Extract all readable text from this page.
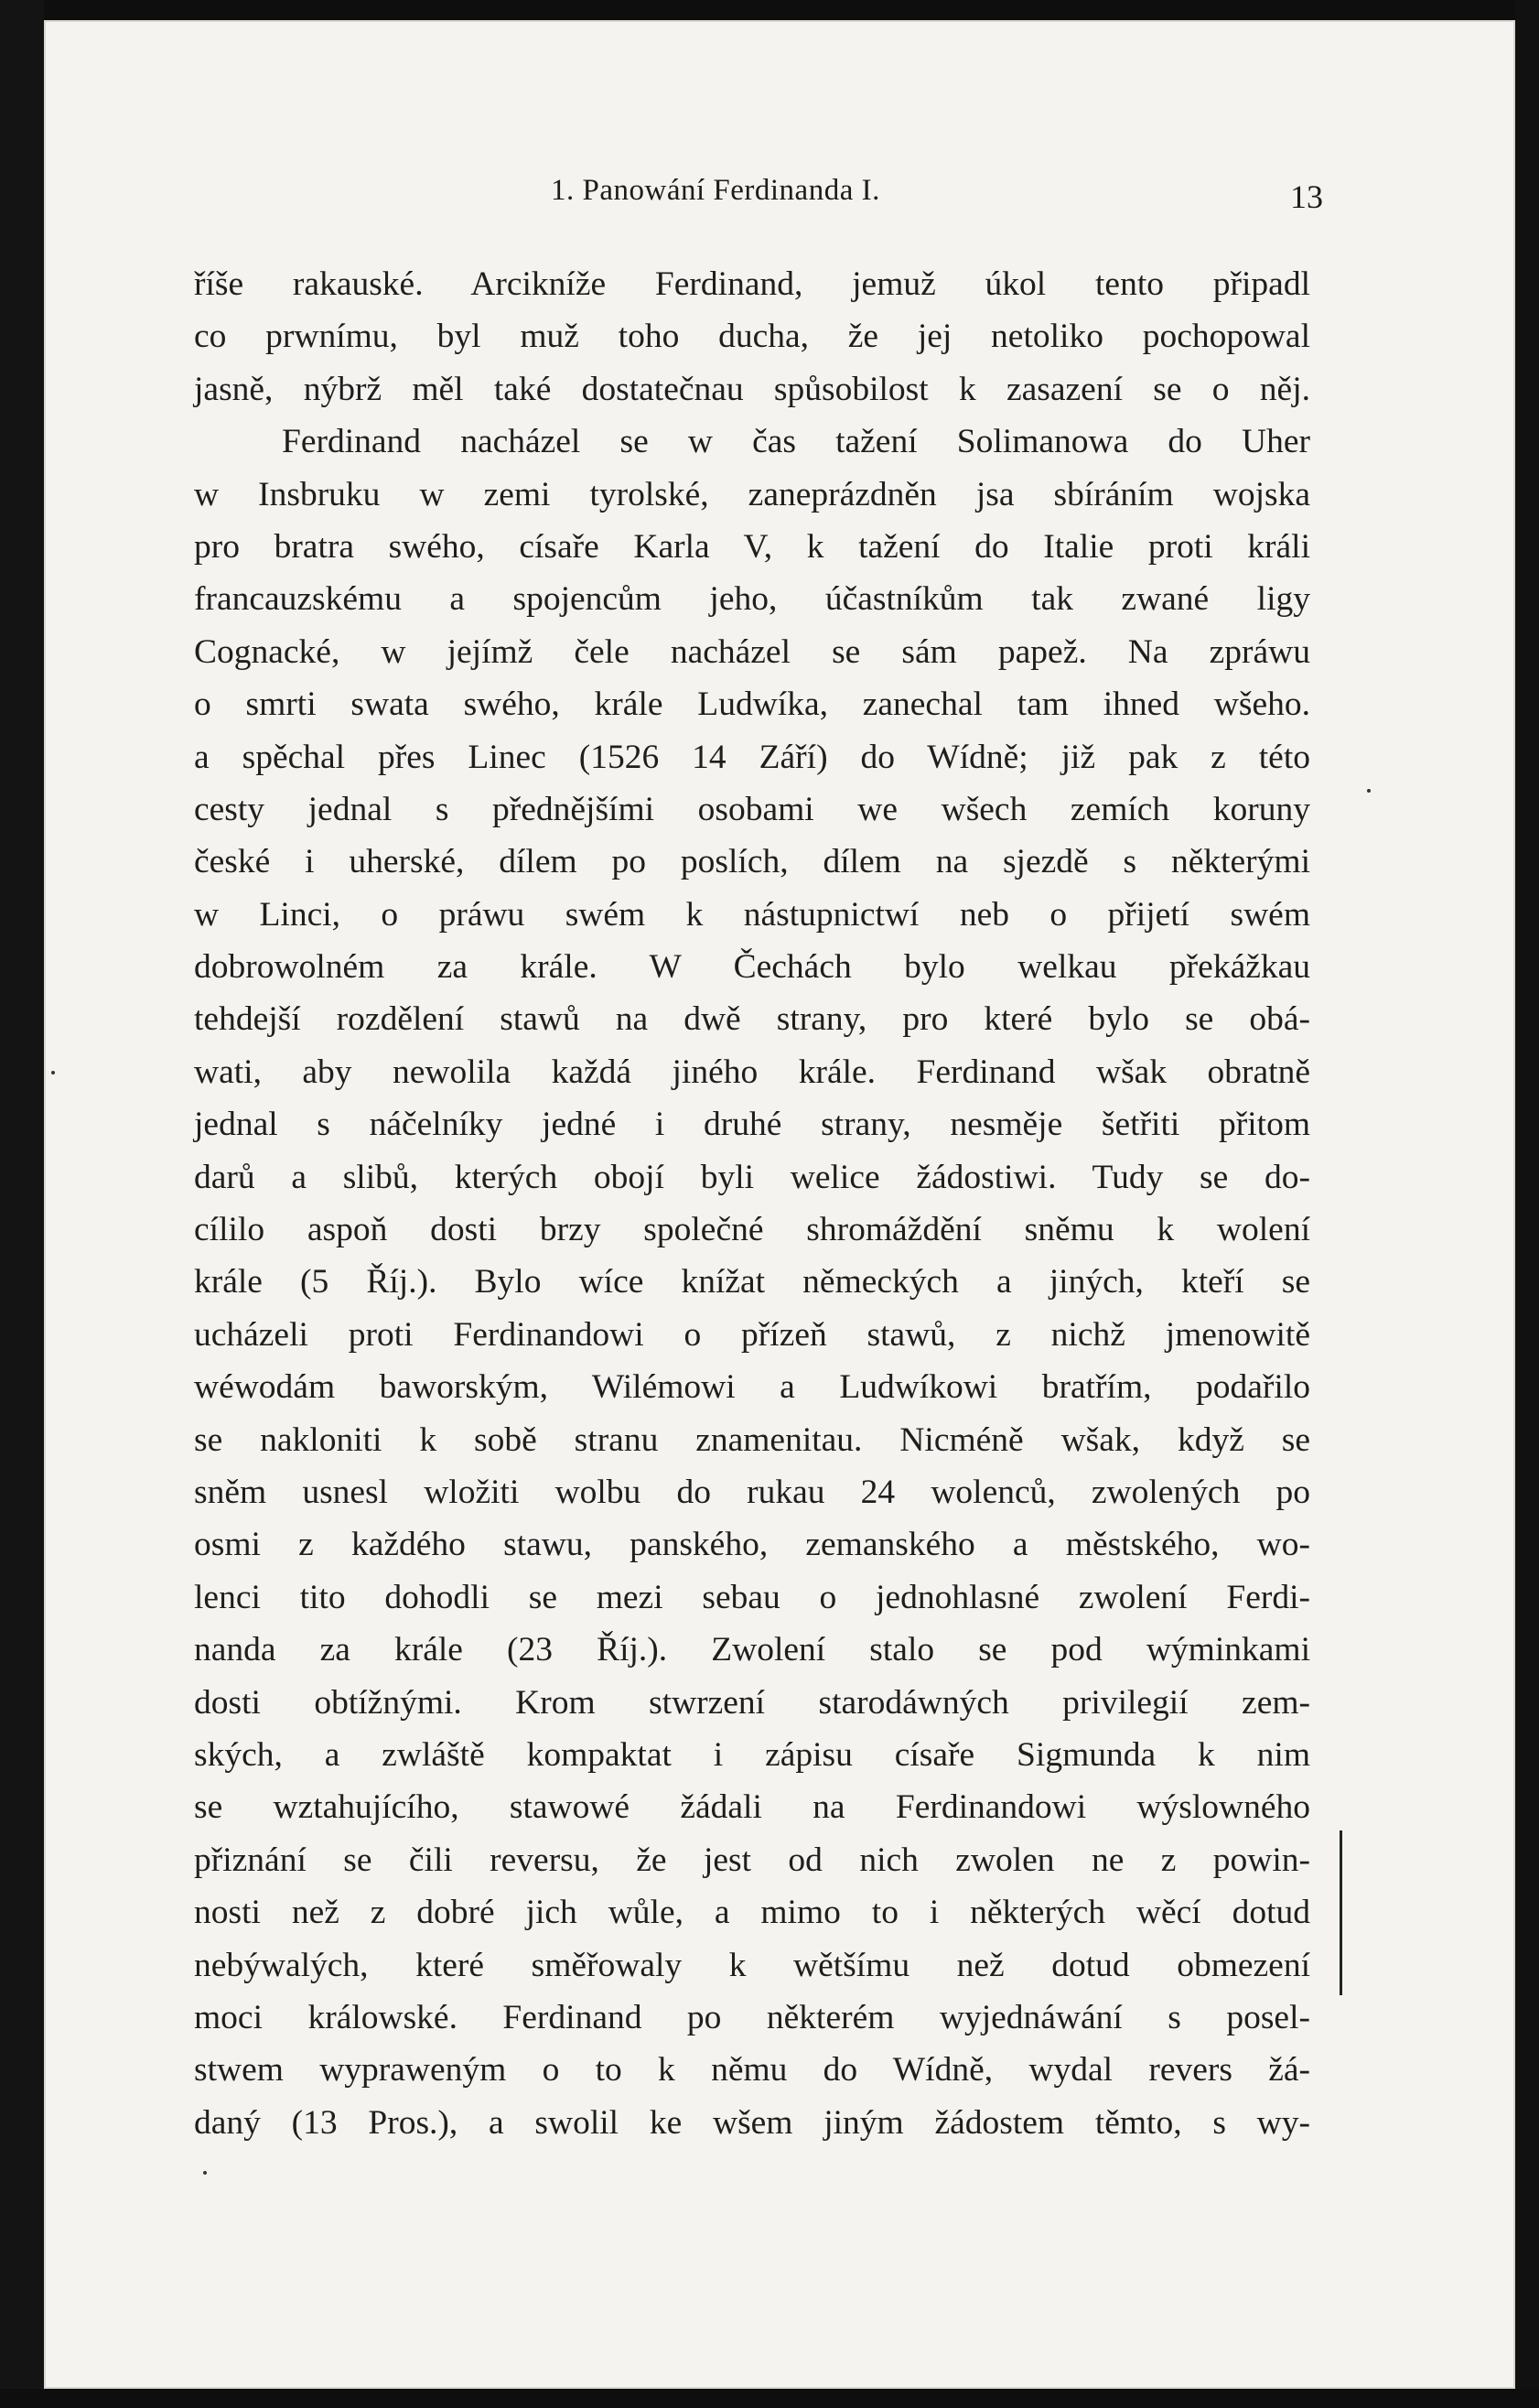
1. Panowání Ferdinanda I.	13
říše rakauské. Arcikníže Ferdinand, jemuž úkol tento připadl
co prwnímu, byl muž toho ducha, že jej netoliko pochopowal
jasně, nýbrž měl také dostatečnau spůsobilost k zasazení se o něj.
Ferdinand nacházel se w čas tažení Solimanowa do Uher
w Insbruku w zemi tyrolské, zaneprázdněn jsa sbíráním wojska
pro bratra swého, císaře Karla V, k tažení do Italie proti králi
francauzskému a spojencům jeho, účastníkům tak zwané ligy
Cognacké, w jejímž čele nacházel se sám papež. Na zpráwu
o smrti swata swého, krále Ludwíka, zanechal tam ihned wšeho.
a spěchal přes Linec (1526 14 Září) do Wídně; již pak z této
cesty jednal s přednějšími osobami we wšech zemích koruny
české i uherské, dílem po poslích, dílem na sjezdě s některými
w Linci, o práwu swém k nástupnictwí neb o přijetí swém
dobrowolném za krále. W Čechách bylo welkau překážkau
tehdejší rozdělení stawů na dwě strany, pro které bylo se obá-
wati, aby newolila každá jiného krále. Ferdinand wšak obratně
jednal s náčelníky jedné i druhé strany, nesměje šetřiti přitom
darů a slibů, kterých obojí byli welice žádostiwi. Tudy se do-
cílilo aspoň dosti brzy společné shromáždění sněmu k wolení
krále (5 Říj.). Bylo wíce knížat německých a jiných, kteří se
ucházeli proti Ferdinandowi o přízeň stawů, z nichž jmenowitě
wéwodám baworským, Wilémowi a Ludwíkowi bratřím, podařilo
se nakloniti k sobě stranu znamenitau. Nicméně wšak, když se
sněm usnesl wložiti wolbu do rukau 24 wolenců, zwolených po
osmi z každého stawu, panského, zemanského a městského, wo-
lenci tito dohodli se mezi sebau o jednohlasné zwolení Ferdi-
nanda za krále (23 Říj.). Zwolení stalo se pod wýminkami
dosti obtížnými. Krom stwrzení starodáwných privilegií zem-
ských, a zwláště kompaktat i zápisu císaře Sigmunda k nim
se wztahujícího, stawowé žádali na Ferdinandowi wýslowného
přiznání se čili reversu, že jest od nich zwolen ne z powin-
nosti než z dobré jich wůle, a mimo to i některých wěcí dotud
nebýwalých, které směřowaly k wětšímu než dotud obmezení
moci králowské. Ferdinand po některém wyjednáwání s posel-
stwem wypraweným o to k němu do Wídně, wydal revers žá-
daný (13 Pros.), a swolil ke wšem jiným žádostem těmto, s wy-
